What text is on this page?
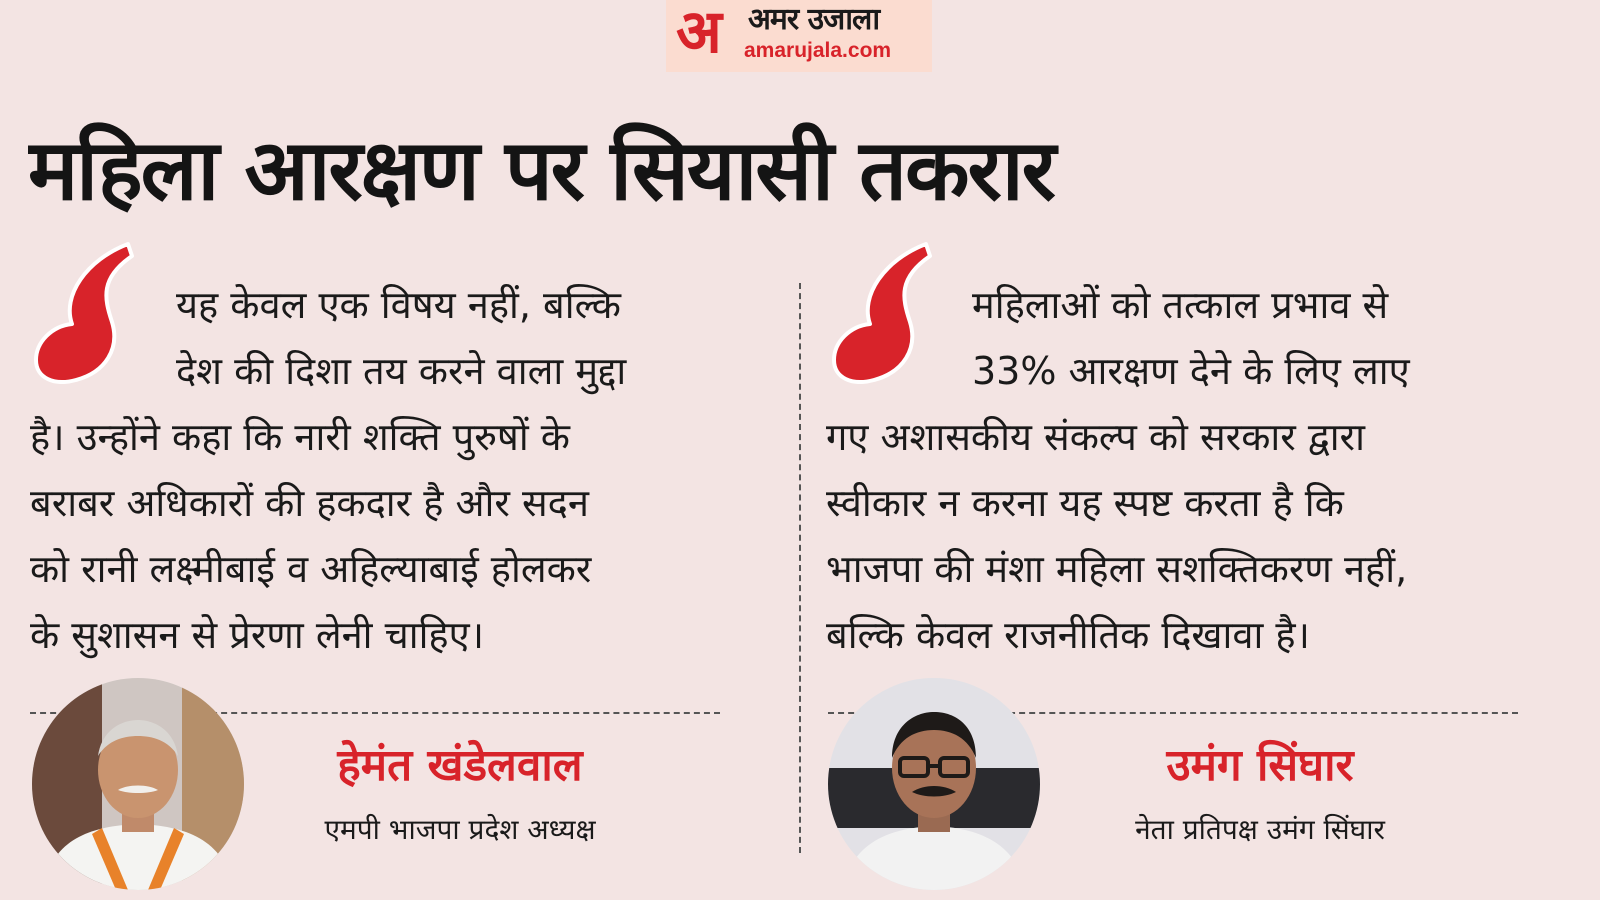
अ अमर उजाला
amarujala.com
महिला आरक्षण पर सियासी तकरार
यह केवल एक विषय नहीं, बल्कि
देश की दिशा तय करने वाला मुद्दा
है। उन्होंने कहा कि नारी शक्ति पुरुषों के
बराबर अधिकारों की हकदार है और सदन
को रानी लक्ष्मीबाई व अहिल्याबाई होलकर
के सुशासन से प्रेरणा लेनी चाहिए।
हेमंत खंडेलवाल
एमपी भाजपा प्रदेश अध्यक्ष
महिलाओं को तत्काल प्रभाव से
33% आरक्षण देने के लिए लाए
गए अशासकीय संकल्प को सरकार द्वारा
स्वीकार न करना यह स्पष्ट करता है कि
भाजपा की मंशा महिला सशक्तिकरण नहीं,
बल्कि केवल राजनीतिक दिखावा है।
उमंग सिंघार
नेता प्रतिपक्ष उमंग सिंघार
